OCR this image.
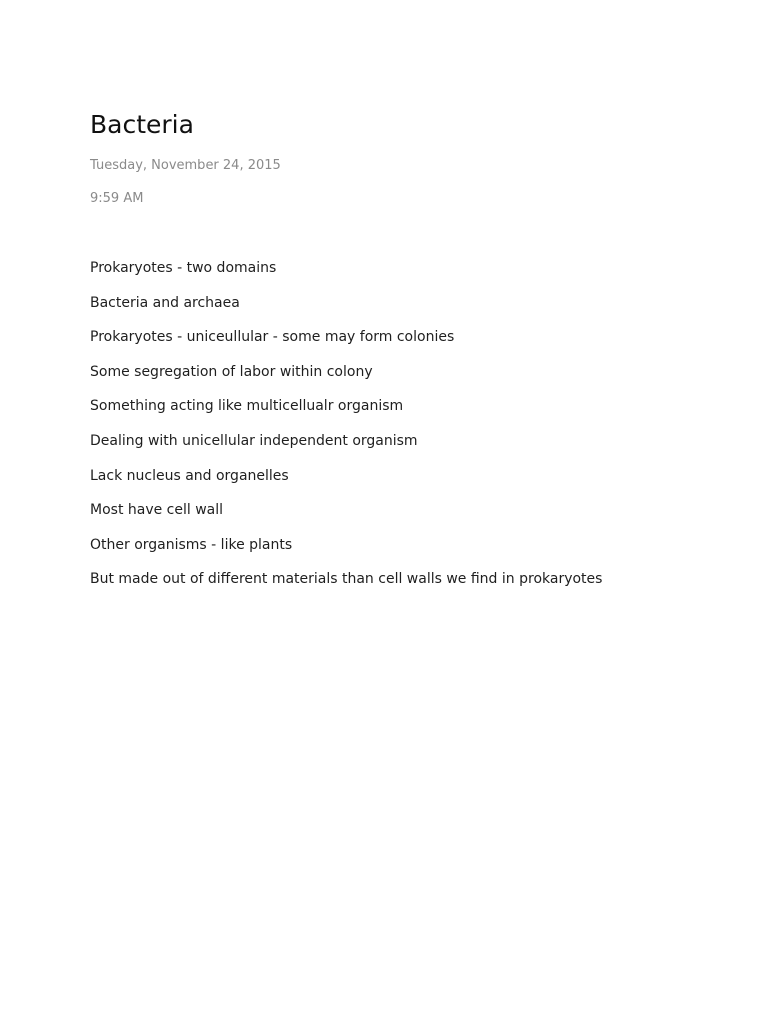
Bacteria
Tuesday, November 24, 2015
9:59 AM
Prokaryotes - two domains
Bacteria and archaea
Prokaryotes - uniceullular - some may form colonies
Some segregation of labor within colony
Something acting like multicellualr organism
Dealing with unicellular independent organism
Lack nucleus and organelles
Most have cell wall
Other organisms - like plants
But made out of different materials than cell walls we find in prokaryotes
